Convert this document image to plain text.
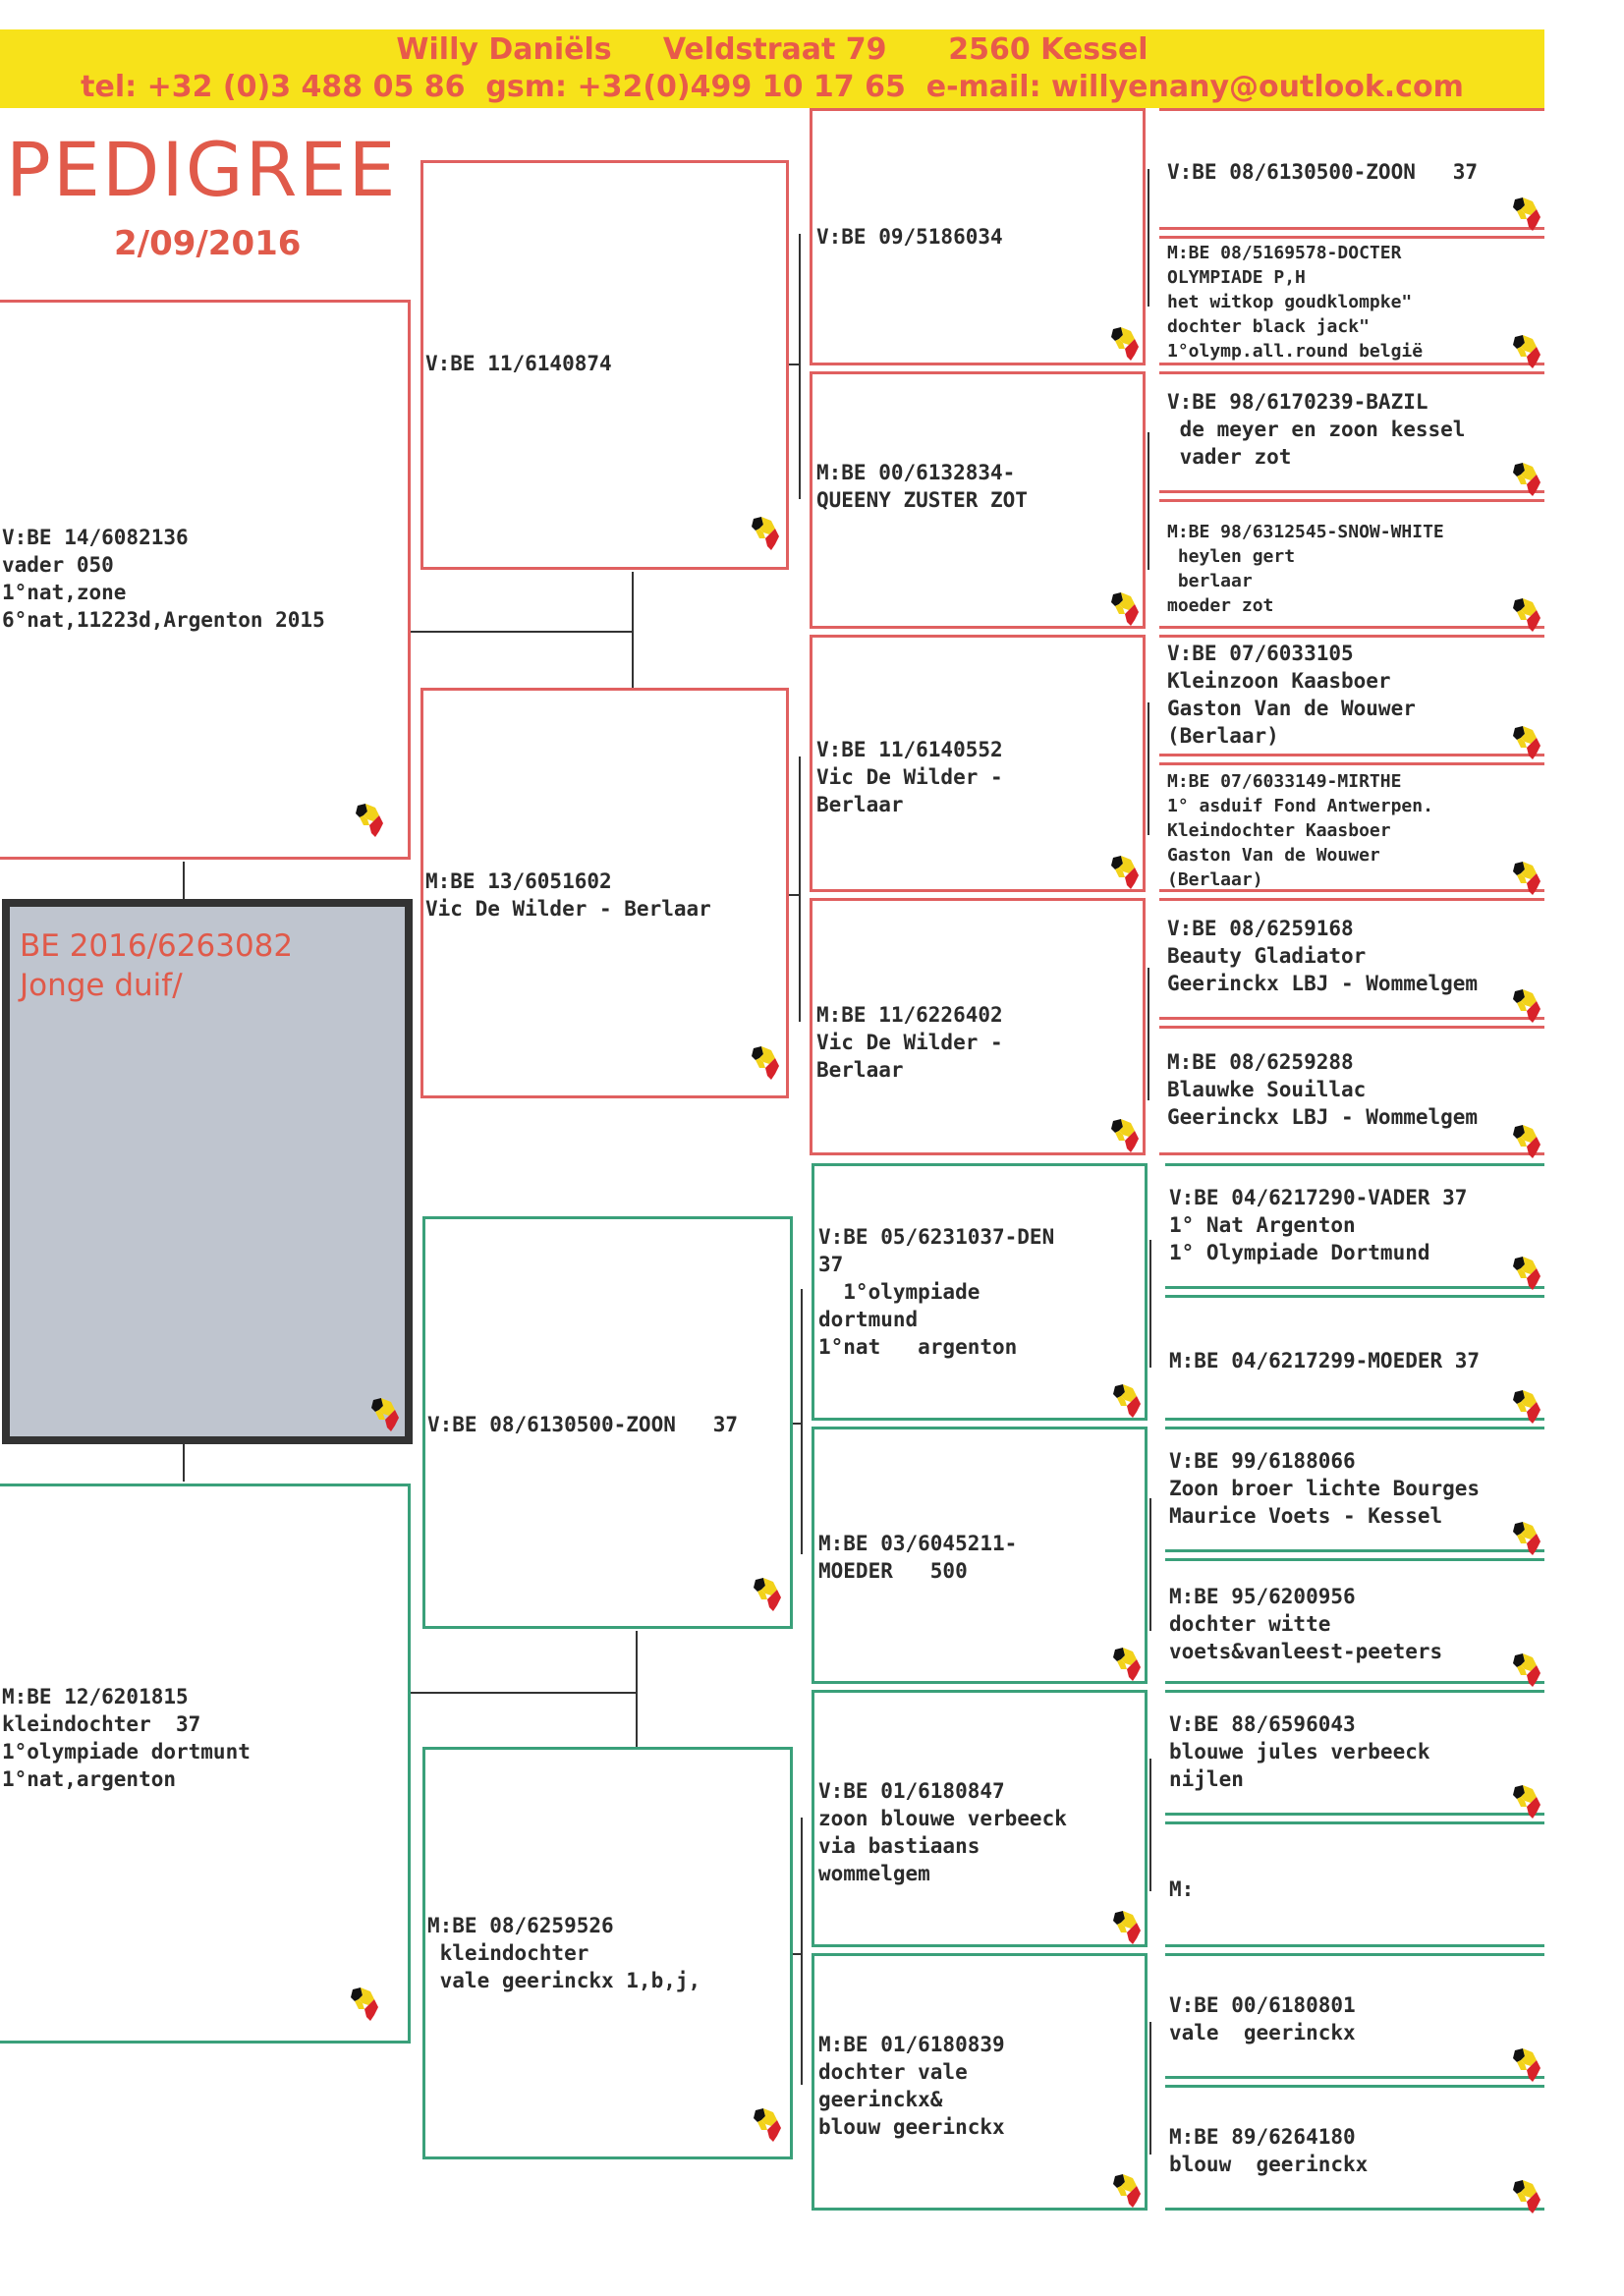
Willy Daniëls     Veldstraat 79      2560 Kessel
tel: +32 (0)3 488 05 86  gsm: +32(0)499 10 17 65  e-mail: willyenany@outlook.com
PEDIGREE
2/09/2016
BE 2016/6263082
Jonge duif/
V:BE 14/6082136
vader 050
1°nat,zone
6°nat,11223d,Argenton 2015
M:BE 12/6201815
kleindochter  37
1°olympiade dortmunt
1°nat,argenton
V:BE 11/6140874
M:BE 13/6051602
Vic De Wilder - Berlaar
V:BE 08/6130500-ZOON   37
M:BE 08/6259526
kleindochter
vale geerinckx 1,b,j,
V:BE 09/5186034
M:BE 00/6132834-
QUEENY ZUSTER ZOT
V:BE 11/6140552
Vic De Wilder -
Berlaar
M:BE 11/6226402
Vic De Wilder -
Berlaar
V:BE 05/6231037-DEN
37
1°olympiade
dortmund
1°nat   argenton
M:BE 03/6045211-
MOEDER   500
V:BE 01/6180847
zoon blouwe verbeeck
via bastiaans
wommelgem
M:BE 01/6180839
dochter vale
geerinckx&
blouw geerinckx
V:BE 08/6130500-ZOON   37
M:BE 08/5169578-DOCTER
OLYMPIADE P,H
het witkop goudklompke"
dochter black jack"
1°olymp.all.round belgië
V:BE 98/6170239-BAZIL
de meyer en zoon kessel
vader zot
M:BE 98/6312545-SNOW-WHITE
heylen gert
berlaar
moeder zot
V:BE 07/6033105
Kleinzoon Kaasboer
Gaston Van de Wouwer
(Berlaar)
M:BE 07/6033149-MIRTHE
1° asduif Fond Antwerpen.
Kleindochter Kaasboer
Gaston Van de Wouwer
(Berlaar)
V:BE 08/6259168
Beauty Gladiator
Geerinckx LBJ - Wommelgem
M:BE 08/6259288
Blauwke Souillac
Geerinckx LBJ - Wommelgem
V:BE 04/6217290-VADER 37
1° Nat Argenton
1° Olympiade Dortmund
M:BE 04/6217299-MOEDER 37
V:BE 99/6188066
Zoon broer lichte Bourges
Maurice Voets - Kessel
M:BE 95/6200956
dochter witte
voets&vanleest-peeters
V:BE 88/6596043
blouwe jules verbeeck
nijlen
M:
V:BE 00/6180801
vale  geerinckx
M:BE 89/6264180
blouw  geerinckx
